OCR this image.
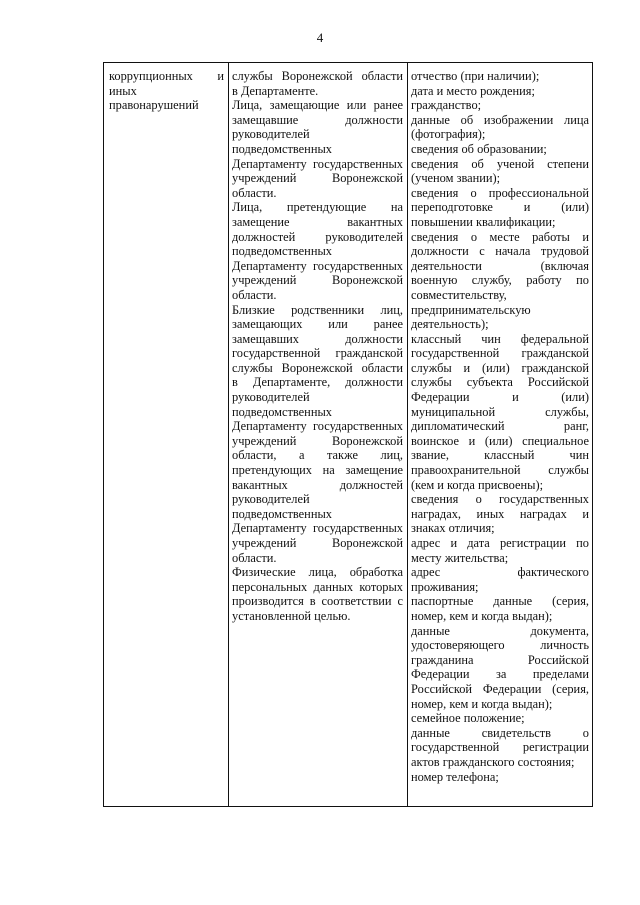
4
коррупционных и
иных
правонарушений
службы Воронежской области
в Департаменте.
Лица, замещающие или ранее
замещавшие должности
руководителей
подведомственных
Департаменту государственных
учреждений Воронежской
области.
Лица, претендующие на
замещение вакантных
должностей руководителей
подведомственных
Департаменту государственных
учреждений Воронежской
области.
Близкие родственники лиц,
замещающих или ранее
замещавших должности
государственной гражданской
службы Воронежской области
в Департаменте, должности
руководителей
подведомственных
Департаменту государственных
учреждений Воронежской
области, а также лиц,
претендующих на замещение
вакантных должностей
руководителей
подведомственных
Департаменту государственных
учреждений Воронежской
области.
Физические лица, обработка
персональных данных которых
производится в соответствии с
установленной целью.
отчество (при наличии);
дата и место рождения;
гражданство;
данные об изображении лица
(фотография);
сведения об образовании;
сведения об ученой степени
(ученом звании);
сведения о профессиональной
переподготовке и (или)
повышении квалификации;
сведения о месте работы и
должности с начала трудовой
деятельности (включая
военную службу, работу по
совместительству,
предпринимательскую
деятельность);
классный чин федеральной
государственной гражданской
службы и (или) гражданской
службы субъекта Российской
Федерации и (или)
муниципальной службы,
дипломатический ранг,
воинское и (или) специальное
звание, классный чин
правоохранительной службы
(кем и когда присвоены);
сведения о государственных
наградах, иных наградах и
знаках отличия;
адрес и дата регистрации по
месту жительства;
адрес фактического
проживания;
паспортные данные (серия,
номер, кем и когда выдан);
данные документа,
удостоверяющего личность
гражданина Российской
Федерации за пределами
Российской Федерации (серия,
номер, кем и когда выдан);
семейное положение;
данные свидетельств о
государственной регистрации
актов гражданского состояния;
номер телефона;
